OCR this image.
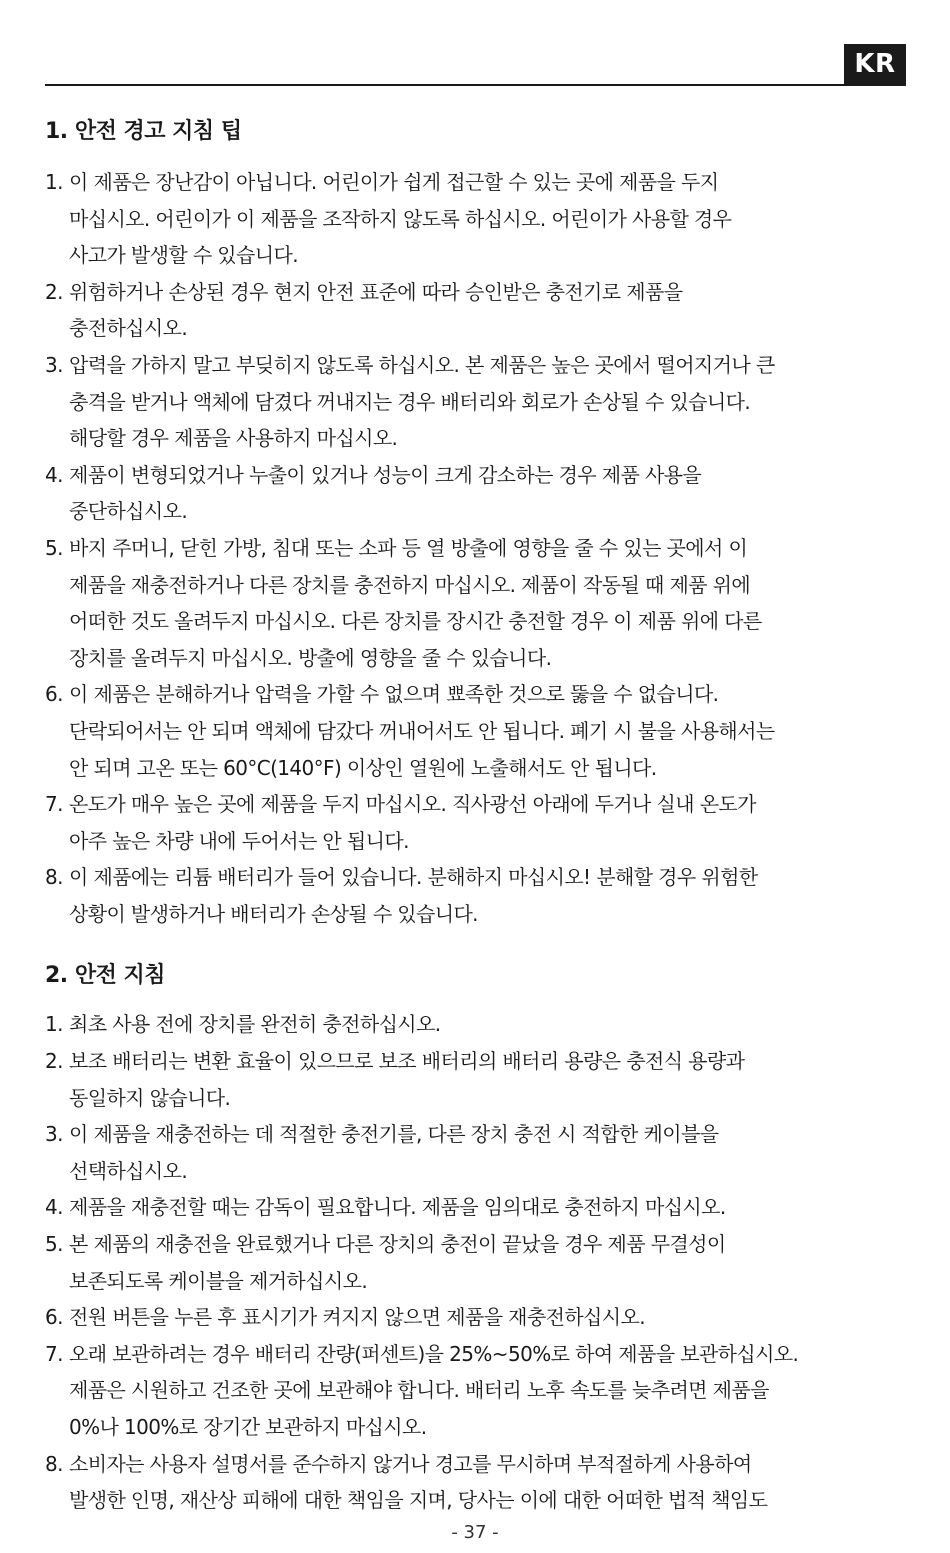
KR
1. 안전 경고 지침 팁
1. 이 제품은 장난감이 아닙니다. 어린이가 쉽게 접근할 수 있는 곳에 제품을 두지
마십시오. 어린이가 이 제품을 조작하지 않도록 하십시오. 어린이가 사용할 경우
사고가 발생할 수 있습니다.
2. 위험하거나 손상된 경우 현지 안전 표준에 따라 승인받은 충전기로 제품을
충전하십시오.
3. 압력을 가하지 말고 부딪히지 않도록 하십시오. 본 제품은 높은 곳에서 떨어지거나 큰
충격을 받거나 액체에 담겼다 꺼내지는 경우 배터리와 회로가 손상될 수 있습니다.
해당할 경우 제품을 사용하지 마십시오.
4. 제품이 변형되었거나 누출이 있거나 성능이 크게 감소하는 경우 제품 사용을
중단하십시오.
5. 바지 주머니, 닫힌 가방, 침대 또는 소파 등 열 방출에 영향을 줄 수 있는 곳에서 이
제품을 재충전하거나 다른 장치를 충전하지 마십시오. 제품이 작동될 때 제품 위에
어떠한 것도 올려두지 마십시오. 다른 장치를 장시간 충전할 경우 이 제품 위에 다른
장치를 올려두지 마십시오. 방출에 영향을 줄 수 있습니다.
6. 이 제품은 분해하거나 압력을 가할 수 없으며 뾰족한 것으로 뚫을 수 없습니다.
단락되어서는 안 되며 액체에 담갔다 꺼내어서도 안 됩니다. 폐기 시 불을 사용해서는
안 되며 고온 또는 60°C(140°F) 이상인 열원에 노출해서도 안 됩니다.
7. 온도가 매우 높은 곳에 제품을 두지 마십시오. 직사광선 아래에 두거나 실내 온도가
아주 높은 차량 내에 두어서는 안 됩니다.
8. 이 제품에는 리튬 배터리가 들어 있습니다. 분해하지 마십시오! 분해할 경우 위험한
상황이 발생하거나 배터리가 손상될 수 있습니다.
2. 안전 지침
1. 최초 사용 전에 장치를 완전히 충전하십시오.
2. 보조 배터리는 변환 효율이 있으므로 보조 배터리의 배터리 용량은 충전식 용량과
동일하지 않습니다.
3. 이 제품을 재충전하는 데 적절한 충전기를, 다른 장치 충전 시 적합한 케이블을
선택하십시오.
4. 제품을 재충전할 때는 감독이 필요합니다. 제품을 임의대로 충전하지 마십시오.
5. 본 제품의 재충전을 완료했거나 다른 장치의 충전이 끝났을 경우 제품 무결성이
보존되도록 케이블을 제거하십시오.
6. 전원 버튼을 누른 후 표시기가 켜지지 않으면 제품을 재충전하십시오.
7. 오래 보관하려는 경우 배터리 잔량(퍼센트)을 25%~50%로 하여 제품을 보관하십시오.
제품은 시원하고 건조한 곳에 보관해야 합니다. 배터리 노후 속도를 늦추려면 제품을
0%나 100%로 장기간 보관하지 마십시오.
8. 소비자는 사용자 설명서를 준수하지 않거나 경고를 무시하며 부적절하게 사용하여
발생한 인명, 재산상 피해에 대한 책임을 지며, 당사는 이에 대한 어떠한 법적 책임도
- 37 -
